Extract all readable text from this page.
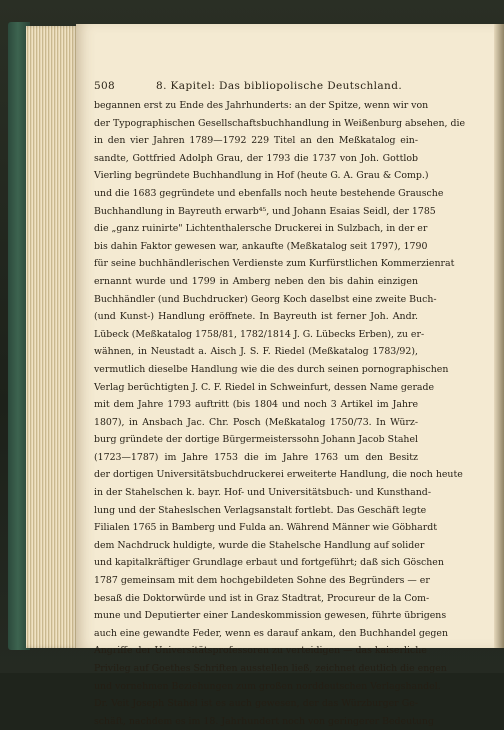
508	8. Kapitel: Das bibliopolische Deutschland.
begannen erst zu Ende des Jahrhunderts: an der Spitze, wenn wir von
der Typographischen Gesellschaftsbuchhandlung in Weißenburg absehen, die
in den vier Jahren 1789—1792 229 Titel an den Meßkatalog ein-
sandte, Gottfried Adolph Grau, der 1793 die 1737 von Joh. Gottlob
Vierling begründete Buchhandlung in Hof (heute G. A. Grau & Comp.)
und die 1683 gegründete und ebenfalls noch heute bestehende Grausche
Buchhandlung in Bayreuth erwarb⁴⁵, und Johann Esaias Seidl, der 1785
die „ganz ruinirte" Lichtenthalersche Druckerei in Sulzbach, in der er
bis dahin Faktor gewesen war, ankaufte (Meßkatalog seit 1797), 1790
für seine buchhändlerischen Verdienste zum Kurfürstlichen Kommerzienrat
ernannt wurde und 1799 in Amberg neben den bis dahin einzigen
Buchhändler (und Buchdrucker) Georg Koch daselbst eine zweite Buch-
(und Kunst-) Handlung eröffnete. In Bayreuth ist ferner Joh. Andr.
Lübeck (Meßkatalog 1758/81, 1782/1814 J. G. Lübecks Erben), zu er-
wähnen, in Neustadt a. Aisch J. S. F. Riedel (Meßkatalog 1783/92),
vermutlich dieselbe Handlung wie die des durch seinen pornographischen
Verlag berüchtigten J. C. F. Riedel in Schweinfurt, dessen Name gerade
mit dem Jahre 1793 auftritt (bis 1804 und noch 3 Artikel im Jahre
1807), in Ansbach Jac. Chr. Posch (Meßkatalog 1750/73. In Würz-
burg gründete der dortige Bürgermeisterssohn Johann Jacob Stahel
(1723—1787) im Jahre 1753 die im Jahre 1763 um den Besitz
der dortigen Universitätsbuchdruckerei erweiterte Handlung, die noch heute
in der Stahelschen k. bayr. Hof- und Universitätsbuch- und Kunsthand-
lung und der Staheslschen Verlagsanstalt fortlebt. Das Geschäft legte
Filialen 1765 in Bamberg und Fulda an. Während Männer wie Göbhardt
dem Nachdruck huldigte, wurde die Stahelsche Handlung auf solider
und kapitalkräftiger Grundlage erbaut und fortgeführt; daß sich Göschen
1787 gemeinsam mit dem hochgebildeten Sohne des Begründers — er
besaß die Doktorwürde und ist in Graz Stadtrat, Procureur de la Com-
mune und Deputierter einer Landeskommission gewesen, führte übrigens
auch eine gewandte Feder, wenn es darauf ankam, den Buchhandel gegen
Angriffe der Universitätsprofessoren zu verteidigen — das kaiserliche
Privileg auf Goethes Schriften ausstellen ließ, zeichnet deutlich die engen
und vornehmen Beziehungen zum großen norddeutschen Verlagshandel.
Dr. Veit Joseph Stahel ist es auch gewesen, der das Würzburger Ge-
schäft, nachdem es im 18. Jahrhundert noch von geringerer Bedeutung
